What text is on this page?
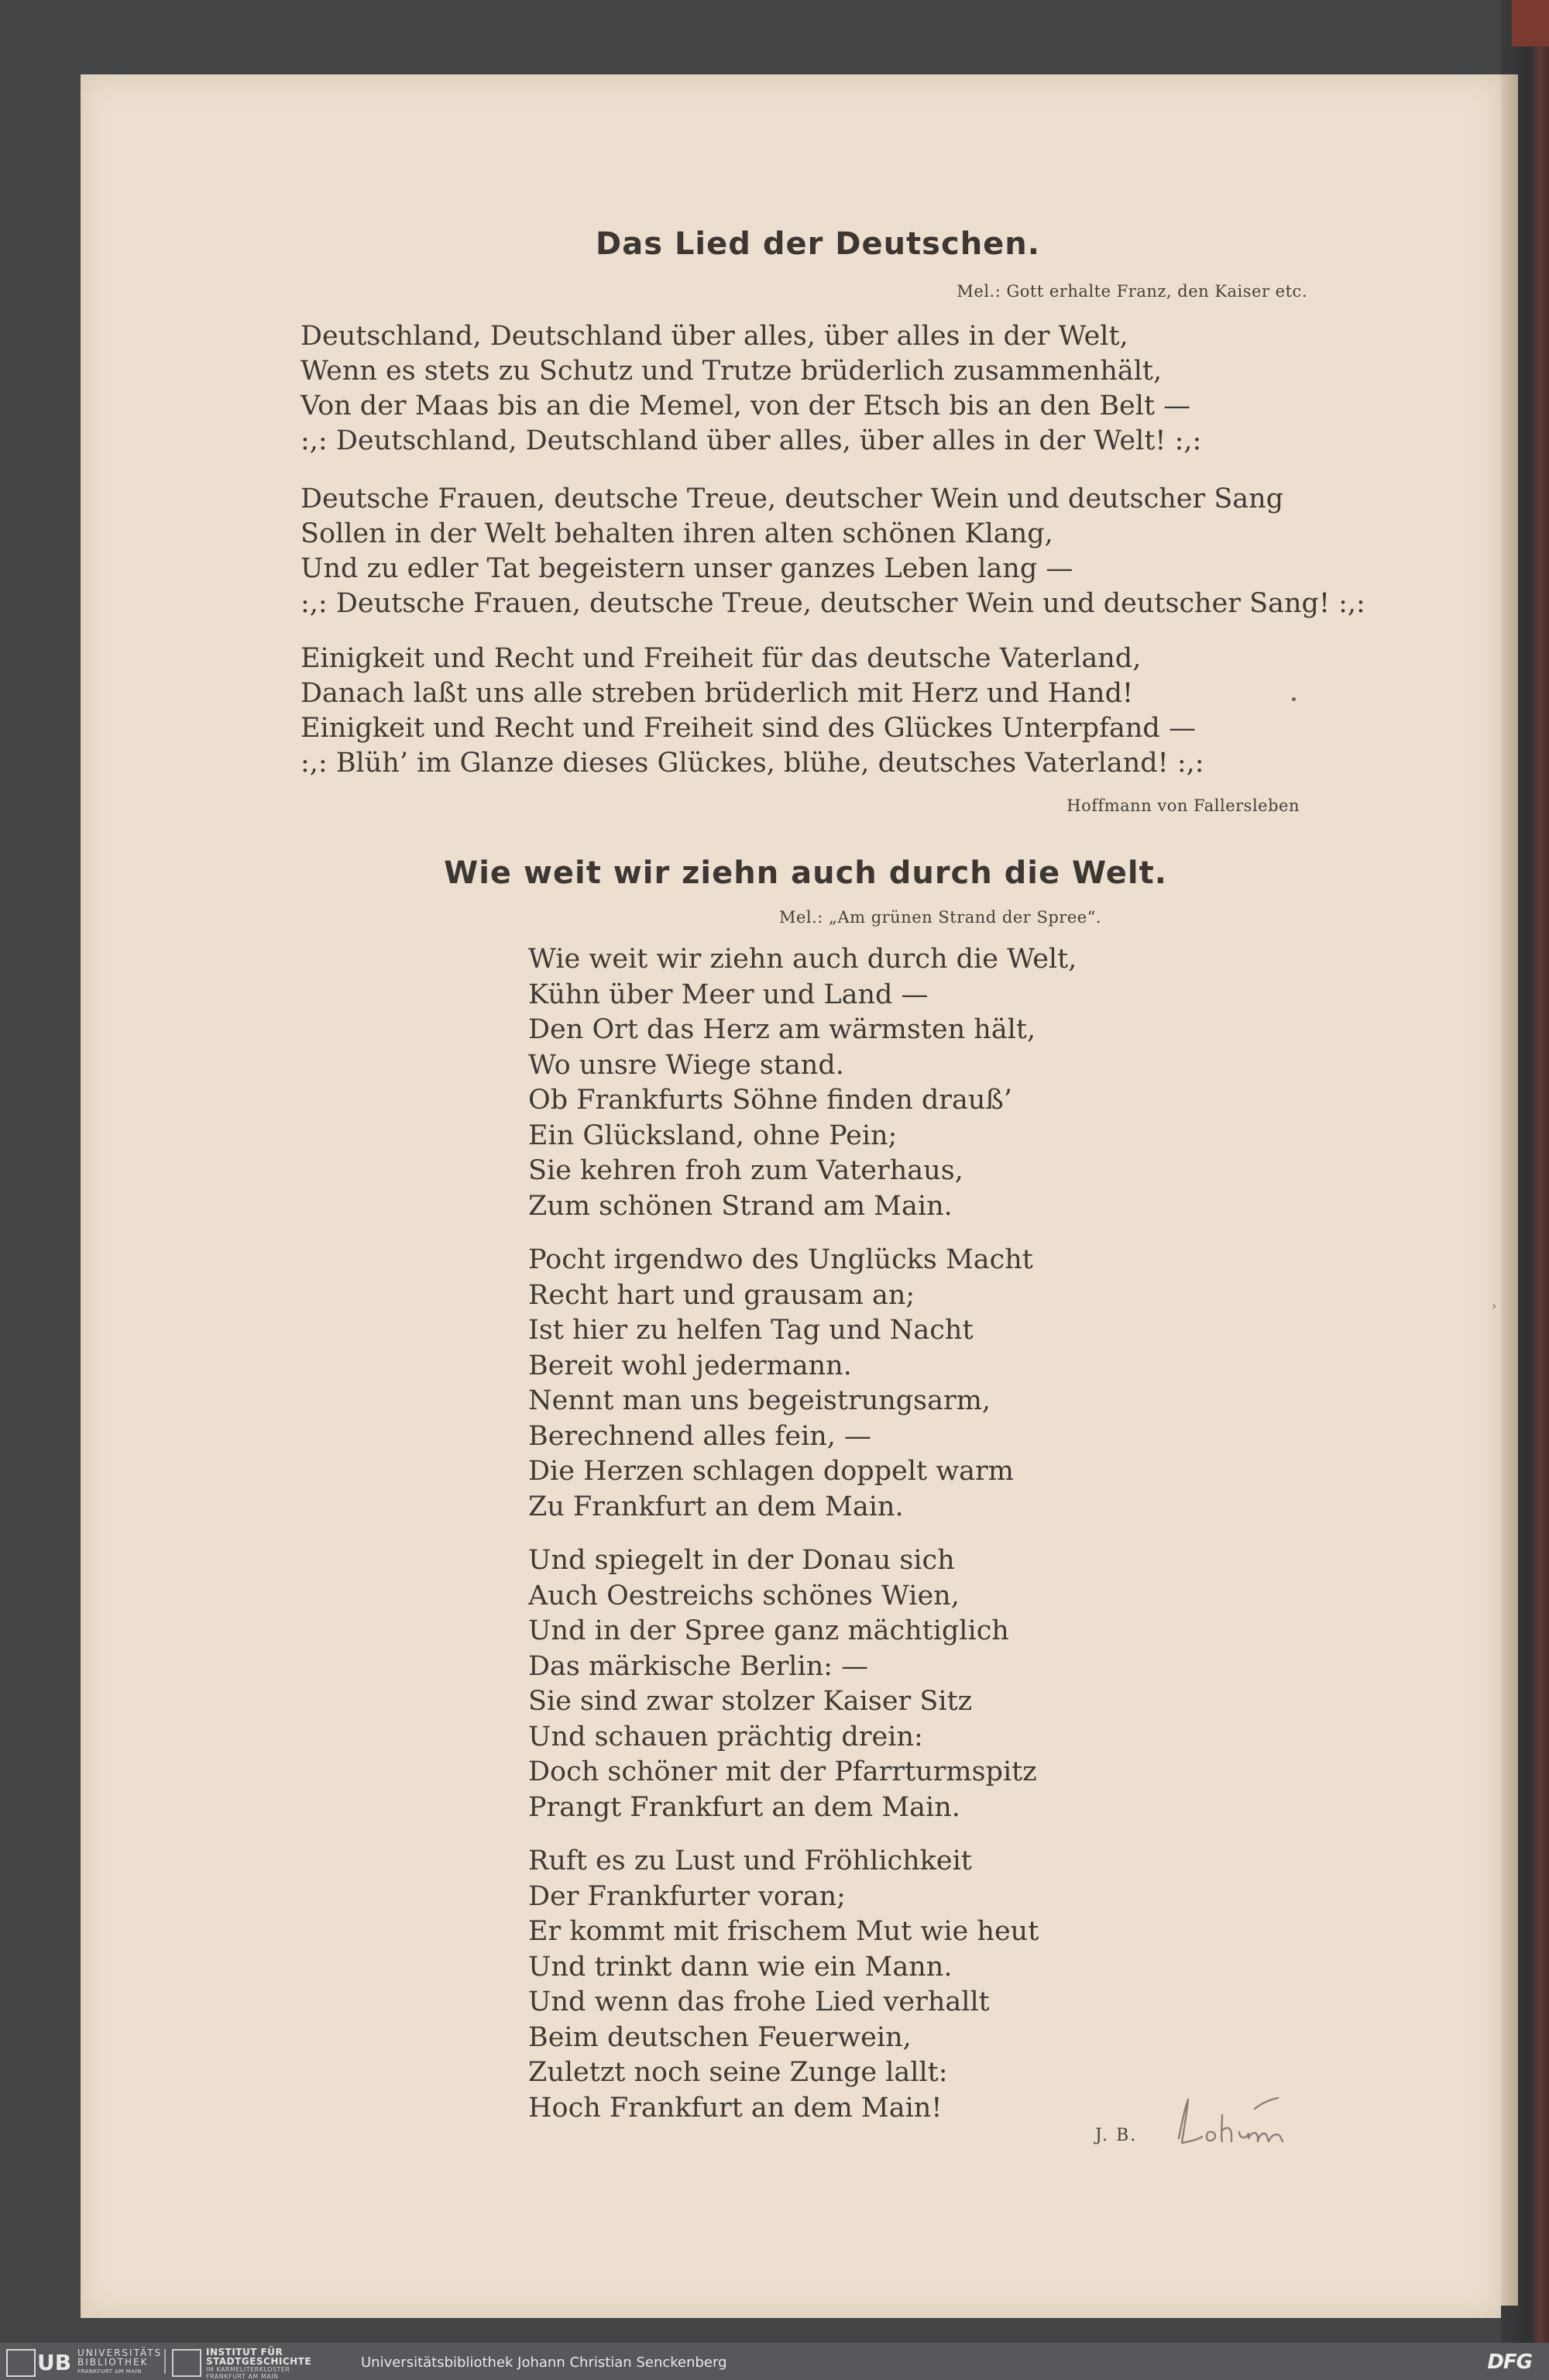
Das Lied der Deutschen.
Mel.: Gott erhalte Franz, den Kaiser etc.
Deutschland, Deutschland über alles, über alles in der Welt,
Wenn es stets zu Schutz und Trutze brüderlich zusammenhält,
Von der Maas bis an die Memel, von der Etsch bis an den Belt —
:,: Deutschland, Deutschland über alles, über alles in der Welt! :,:
Deutsche Frauen, deutsche Treue, deutscher Wein und deutscher Sang
Sollen in der Welt behalten ihren alten schönen Klang,
Und zu edler Tat begeistern unser ganzes Leben lang —
:,: Deutsche Frauen, deutsche Treue, deutscher Wein und deutscher Sang! :,:
Einigkeit und Recht und Freiheit für das deutsche Vaterland,
Danach laßt uns alle streben brüderlich mit Herz und Hand!
Einigkeit und Recht und Freiheit sind des Glückes Unterpfand —
:,: Blüh’ im Glanze dieses Glückes, blühe, deutsches Vaterland! :,:
Hoffmann von Fallersleben
Wie weit wir ziehn auch durch die Welt.
Mel.: „Am grünen Strand der Spree“.
Wie weit wir ziehn auch durch die Welt,
Kühn über Meer und Land —
Den Ort das Herz am wärmsten hält,
Wo unsre Wiege stand.
Ob Frankfurts Söhne finden drauß’
Ein Glücksland, ohne Pein;
Sie kehren froh zum Vaterhaus,
Zum schönen Strand am Main.
Pocht irgendwo des Unglücks Macht
Recht hart und grausam an;
Ist hier zu helfen Tag und Nacht
Bereit wohl jedermann.
Nennt man uns begeistrungsarm,
Berechnend alles fein, —
Die Herzen schlagen doppelt warm
Zu Frankfurt an dem Main.
Und spiegelt in der Donau sich
Auch Oestreichs schönes Wien,
Und in der Spree ganz mächtiglich
Das märkische Berlin: —
Sie sind zwar stolzer Kaiser Sitz
Und schauen prächtig drein:
Doch schöner mit der Pfarrturmspitz
Prangt Frankfurt an dem Main.
Ruft es zu Lust und Fröhlichkeit
Der Frankfurter voran;
Er kommt mit frischem Mut wie heut
Und trinkt dann wie ein Mann.
Und wenn das frohe Lied verhallt
Beim deutschen Feuerwein,
Zuletzt noch seine Zunge lallt:
Hoch Frankfurt an dem Main!
J. B.
›
UB UNIVERSITÄTS
BIBLIOTHEK
FRANKFURT AM MAIN
INSTITUT FÜR
STADTGESCHICHTE
IM KARMELITERKLOSTER
FRANKFURT AM MAIN
Universitätsbibliothek Johann Christian Senckenberg	DFG
